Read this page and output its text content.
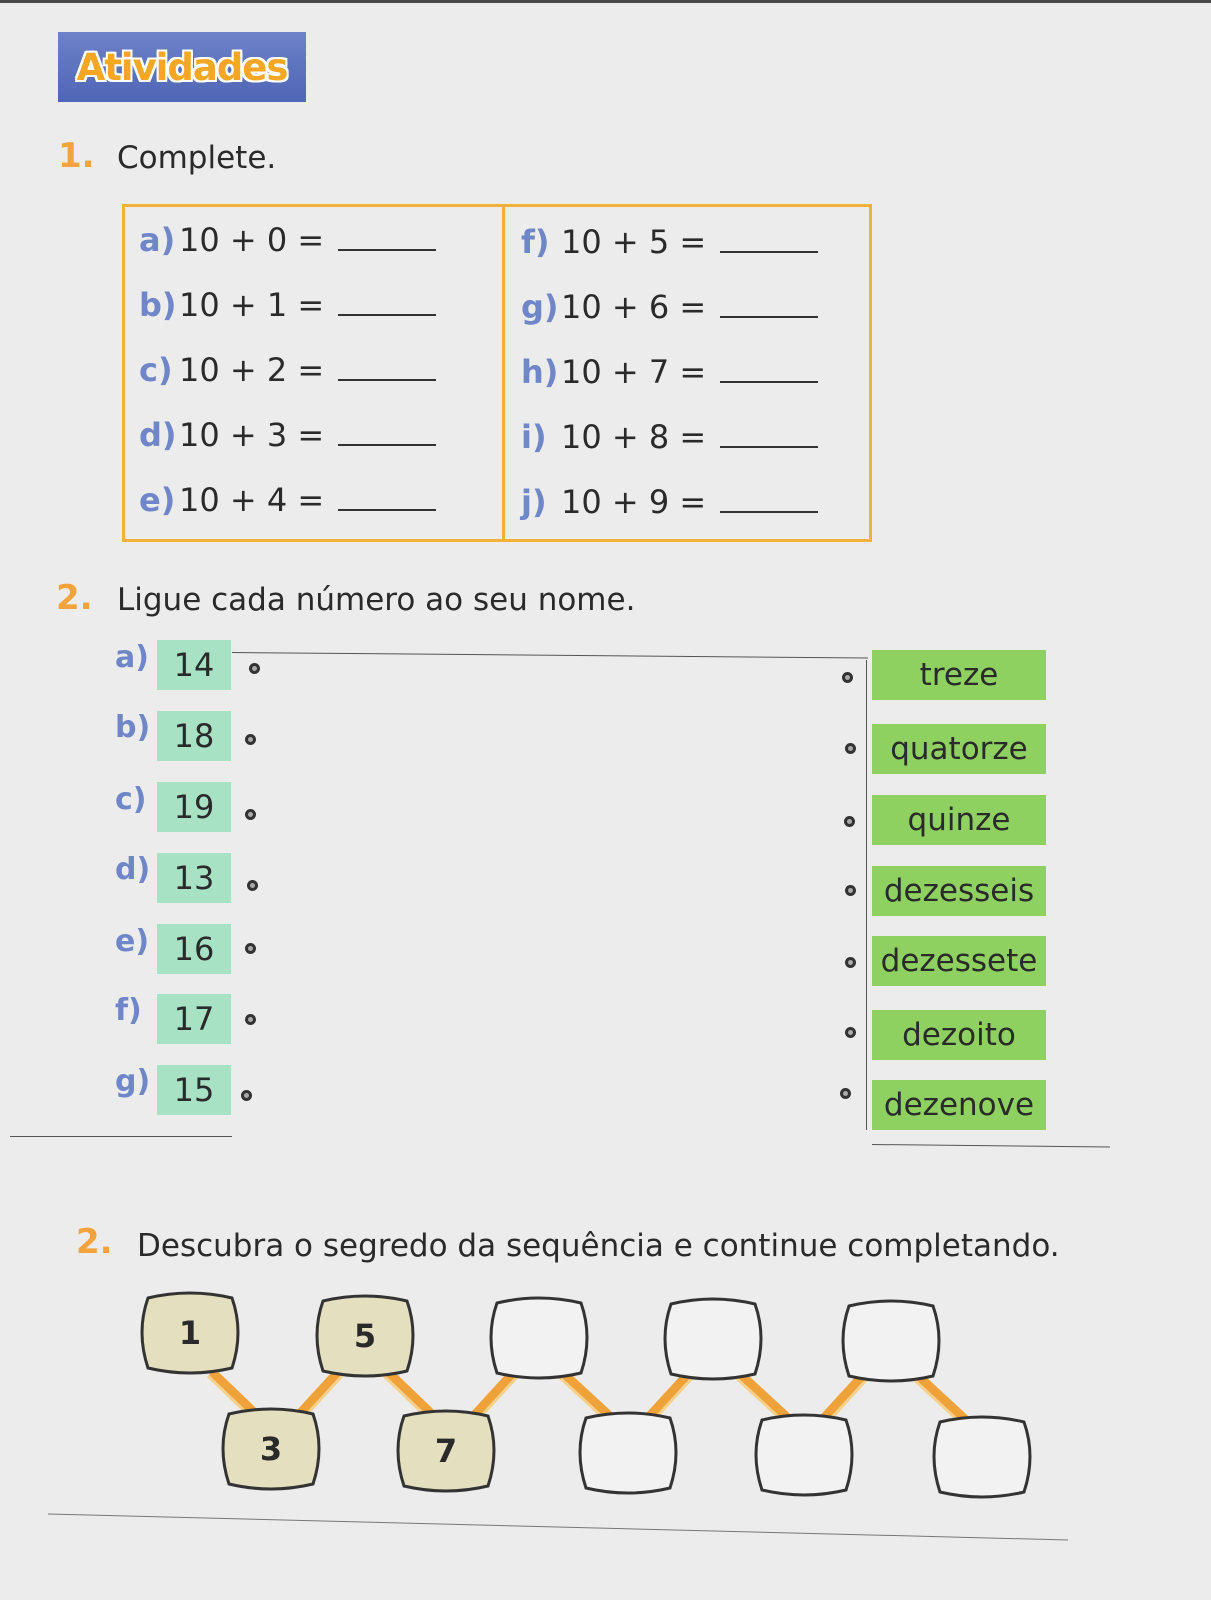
Atividades
1. Complete.
a) 10 + 0 =
b) 10 + 1 =
c) 10 + 2 =
d) 10 + 3 =
e) 10 + 4 =
f) 10 + 5 =
g) 10 + 6 =
h) 10 + 7 =
i) 10 + 8 =
j) 10 + 9 =
2. Ligue cada número ao seu nome.
a) 14
b) 18
c) 19
d) 13
e) 16
f) 17
g) 15
treze
quatorze
quinze
dezesseis
dezessete
dezoito
dezenove
2. Descubra o segredo da sequência e continue completando.
1	5
3	7
